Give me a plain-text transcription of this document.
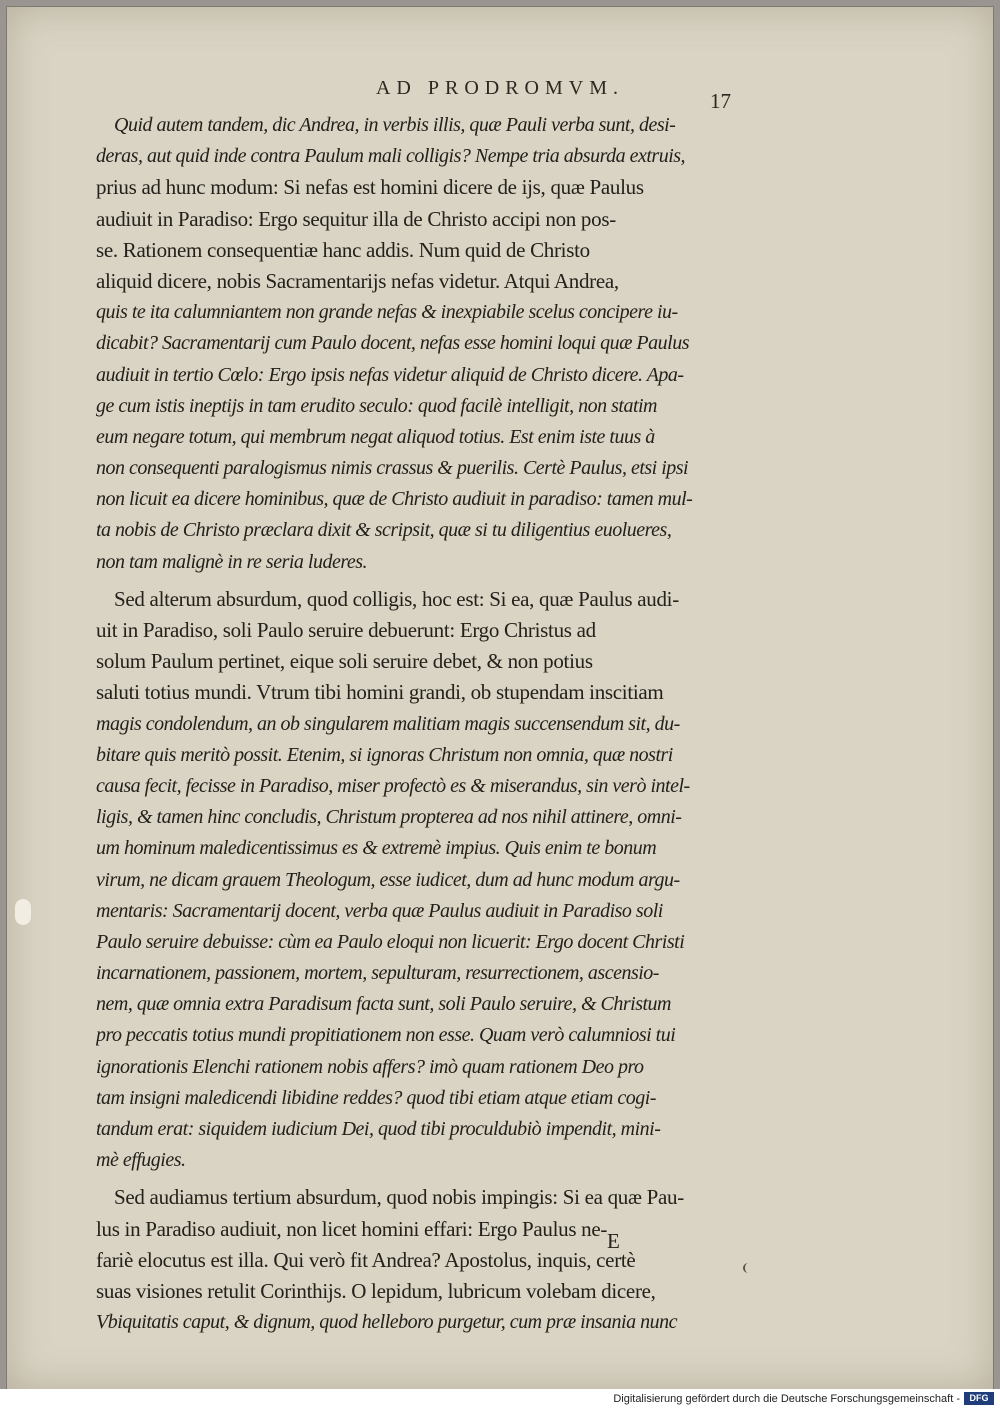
AD PRODROMVM.
17
Quid autem tandem, dic Andrea, in verbis illis, quæ Pauli verba sunt, desi-
deras, aut quid inde contra Paulum mali colligis? Nempe tria absurda extruis,
prius ad hunc modum: Si nefas est homini dicere de ijs, quæ Paulus
audiuit in Paradiso: Ergo sequitur illa de Christo accipi non pos-
se. Rationem consequentiæ hanc addis. Num quid de Christo
aliquid dicere, nobis Sacramentarijs nefas videtur. Atqui Andrea,
quis te ita calumniantem non grande nefas & inexpiabile scelus concipere iu-
dicabit? Sacramentarij cum Paulo docent, nefas esse homini loqui quæ Paulus
audiuit in tertio Cœlo: Ergo ipsis nefas videtur aliquid de Christo dicere. Apa-
ge cum istis ineptijs in tam erudito seculo: quod facilè intelligit, non statim
eum negare totum, qui membrum negat aliquod totius. Est enim iste tuus à
non consequenti paralogismus nimis crassus & puerilis. Certè Paulus, etsi ipsi
non licuit ea dicere hominibus, quæ de Christo audiuit in paradiso: tamen mul-
ta nobis de Christo præclara dixit & scripsit, quæ si tu diligentius euolueres,
non tam malignè in re seria luderes.
Sed alterum absurdum, quod colligis, hoc est: Si ea, quæ Paulus audi-
uit in Paradiso, soli Paulo seruire debuerunt: Ergo Christus ad
solum Paulum pertinet, eique soli seruire debet, & non potius
saluti totius mundi. Vtrum tibi homini grandi, ob stupendam inscitiam
magis condolendum, an ob singularem malitiam magis succensendum sit, du-
bitare quis meritò possit. Etenim, si ignoras Christum non omnia, quæ nostri
causa fecit, fecisse in Paradiso, miser profectò es & miserandus, sin verò intel-
ligis, & tamen hinc concludis, Christum propterea ad nos nihil attinere, omni-
um hominum maledicentissimus es & extremè impius. Quis enim te bonum
virum, ne dicam grauem Theologum, esse iudicet, dum ad hunc modum argu-
mentaris: Sacramentarij docent, verba quæ Paulus audiuit in Paradiso soli
Paulo seruire debuisse: cùm ea Paulo eloqui non licuerit: Ergo docent Christi
incarnationem, passionem, mortem, sepulturam, resurrectionem, ascensio-
nem, quæ omnia extra Paradisum facta sunt, soli Paulo seruire, & Christum
pro peccatis totius mundi propitiationem non esse. Quam verò calumniosi tui
ignorationis Elenchi rationem nobis affers? imò quam rationem Deo pro
tam insigni maledicendi libidine reddes? quod tibi etiam atque etiam cogi-
tandum erat: siquidem iudicium Dei, quod tibi proculdubiò impendit, mini-
mè effugies.
Sed audiamus tertium absurdum, quod nobis impingis: Si ea quæ Pau-
lus in Paradiso audiuit, non licet homini effari: Ergo Paulus ne-
fariè elocutus est illa. Qui verò fit Andrea? Apostolus, inquis, certè
suas visiones retulit Corinthijs. O lepidum, lubricum volebam dicere,
Vbiquitatis caput, & dignum, quod helleboro purgetur, cum præ insania nunc
E
Digitalisierung gefördert durch die Deutsche Forschungsgemeinschaft -	DFG
